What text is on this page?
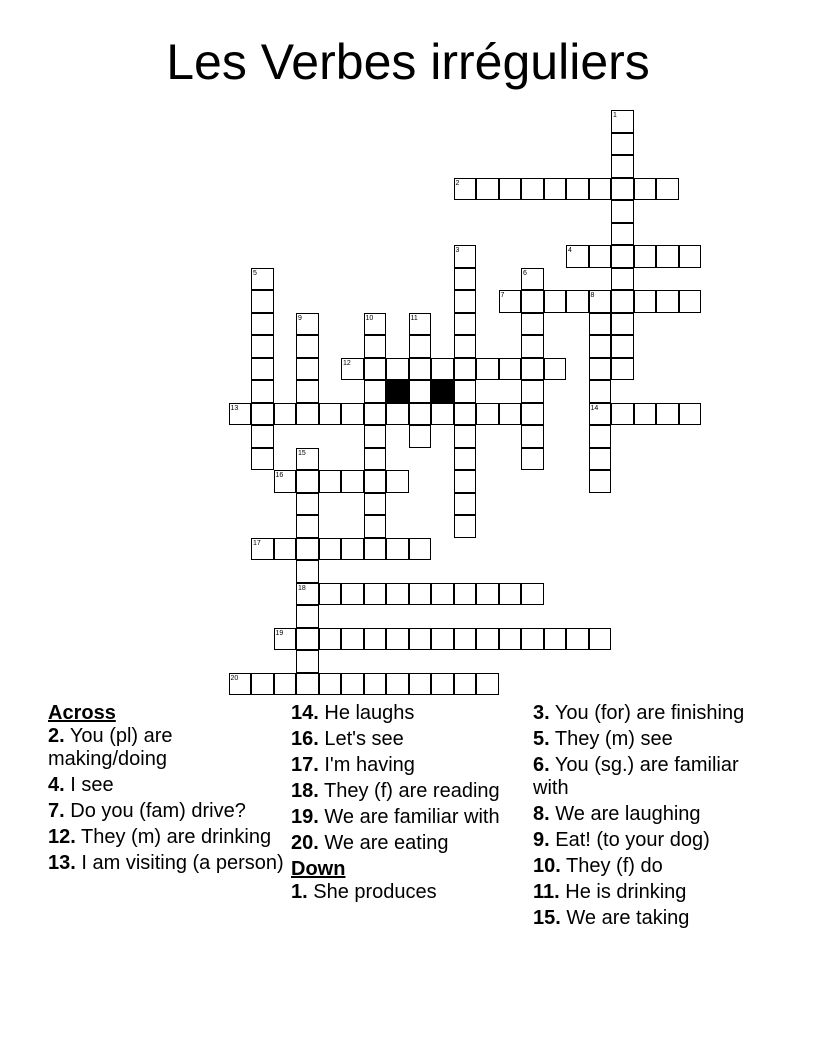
Les Verbes irréguliers
1
2
4
7	8
3
6
5
9	10	11
12
13	14
15
16
17
18
19
20
Across
2. You (pl) are making/doing
4. I see
7. Do you (fam) drive?
12. They (m) are drinking
13. I am visiting (a person)
14. He laughs
16. Let's see
17. I'm having
18. They (f) are reading
19. We are familiar with
20. We are eating
Down
1. She produces
3. You (for) are finishing
5. They (m) see
6. You (sg.) are familiar with
8. We are laughing
9. Eat! (to your dog)
10. They (f) do
11. He is drinking
15. We are taking
